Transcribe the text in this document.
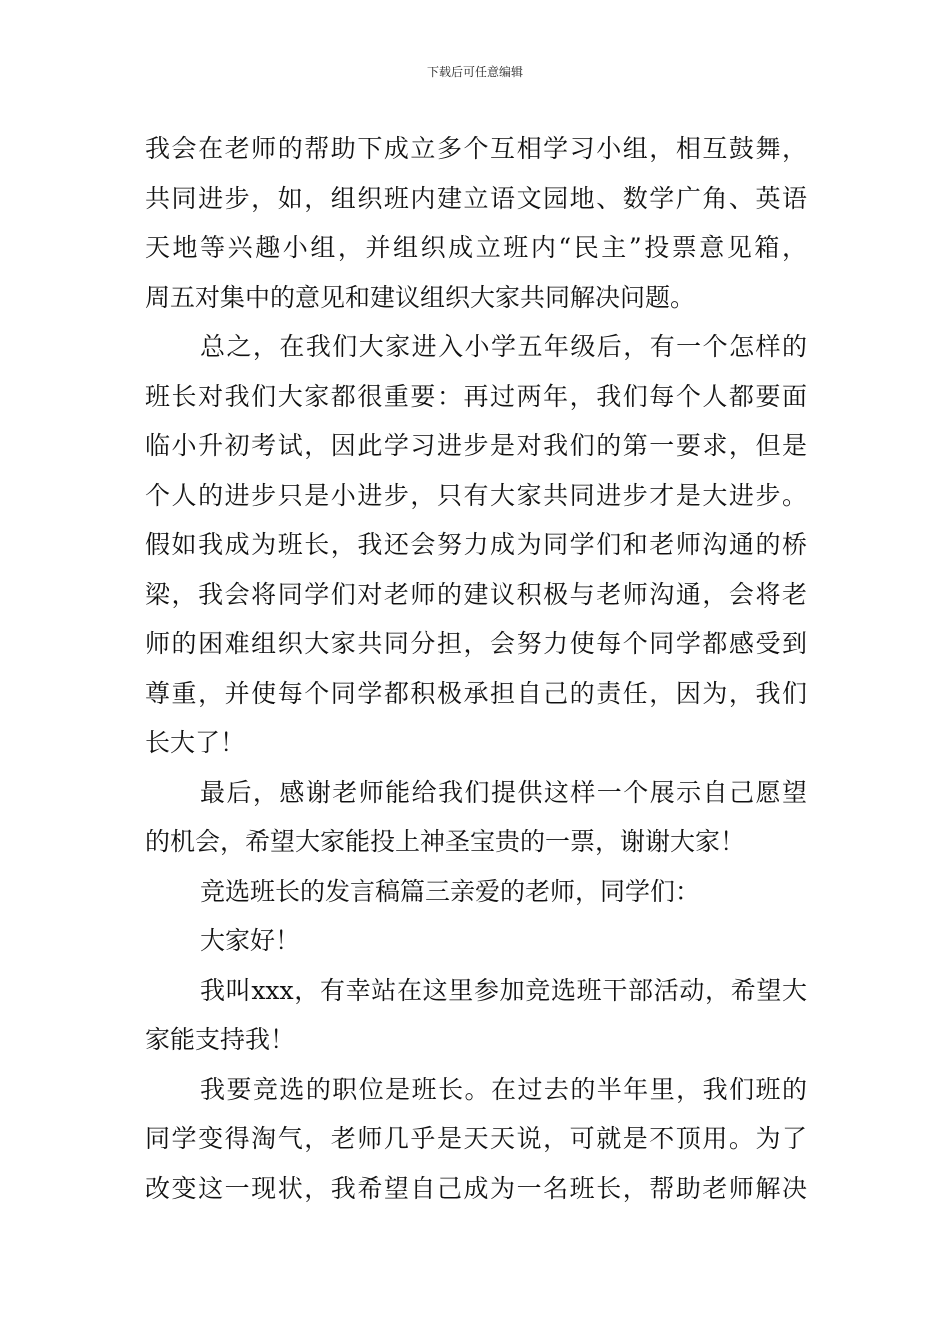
下载后可任意编辑
我会在老师的帮助下成立多个互相学习小组，相互鼓舞，
共同进步，如，组织班内建立语文园地、数学广角、英语
天地等兴趣小组，并组织成立班内“民主”投票意见箱，
周五对集中的意见和建议组织大家共同解决问题。
总之，在我们大家进入小学五年级后，有一个怎样的
班长对我们大家都很重要：再过两年，我们每个人都要面
临小升初考试，因此学习进步是对我们的第一要求，但是
个人的进步只是小进步，只有大家共同进步才是大进步。
假如我成为班长，我还会努力成为同学们和老师沟通的桥
梁，我会将同学们对老师的建议积极与老师沟通，会将老
师的困难组织大家共同分担，会努力使每个同学都感受到
尊重，并使每个同学都积极承担自己的责任，因为，我们
长大了！
最后，感谢老师能给我们提供这样一个展示自己愿望
的机会，希望大家能投上神圣宝贵的一票，谢谢大家！
竞选班长的发言稿篇三亲爱的老师，同学们：
大家好！
我叫xxx，有幸站在这里参加竞选班干部活动，希望大
家能支持我！
我要竞选的职位是班长。在过去的半年里，我们班的
同学变得淘气，老师几乎是天天说，可就是不顶用。为了
改变这一现状，我希望自己成为一名班长，帮助老师解决
